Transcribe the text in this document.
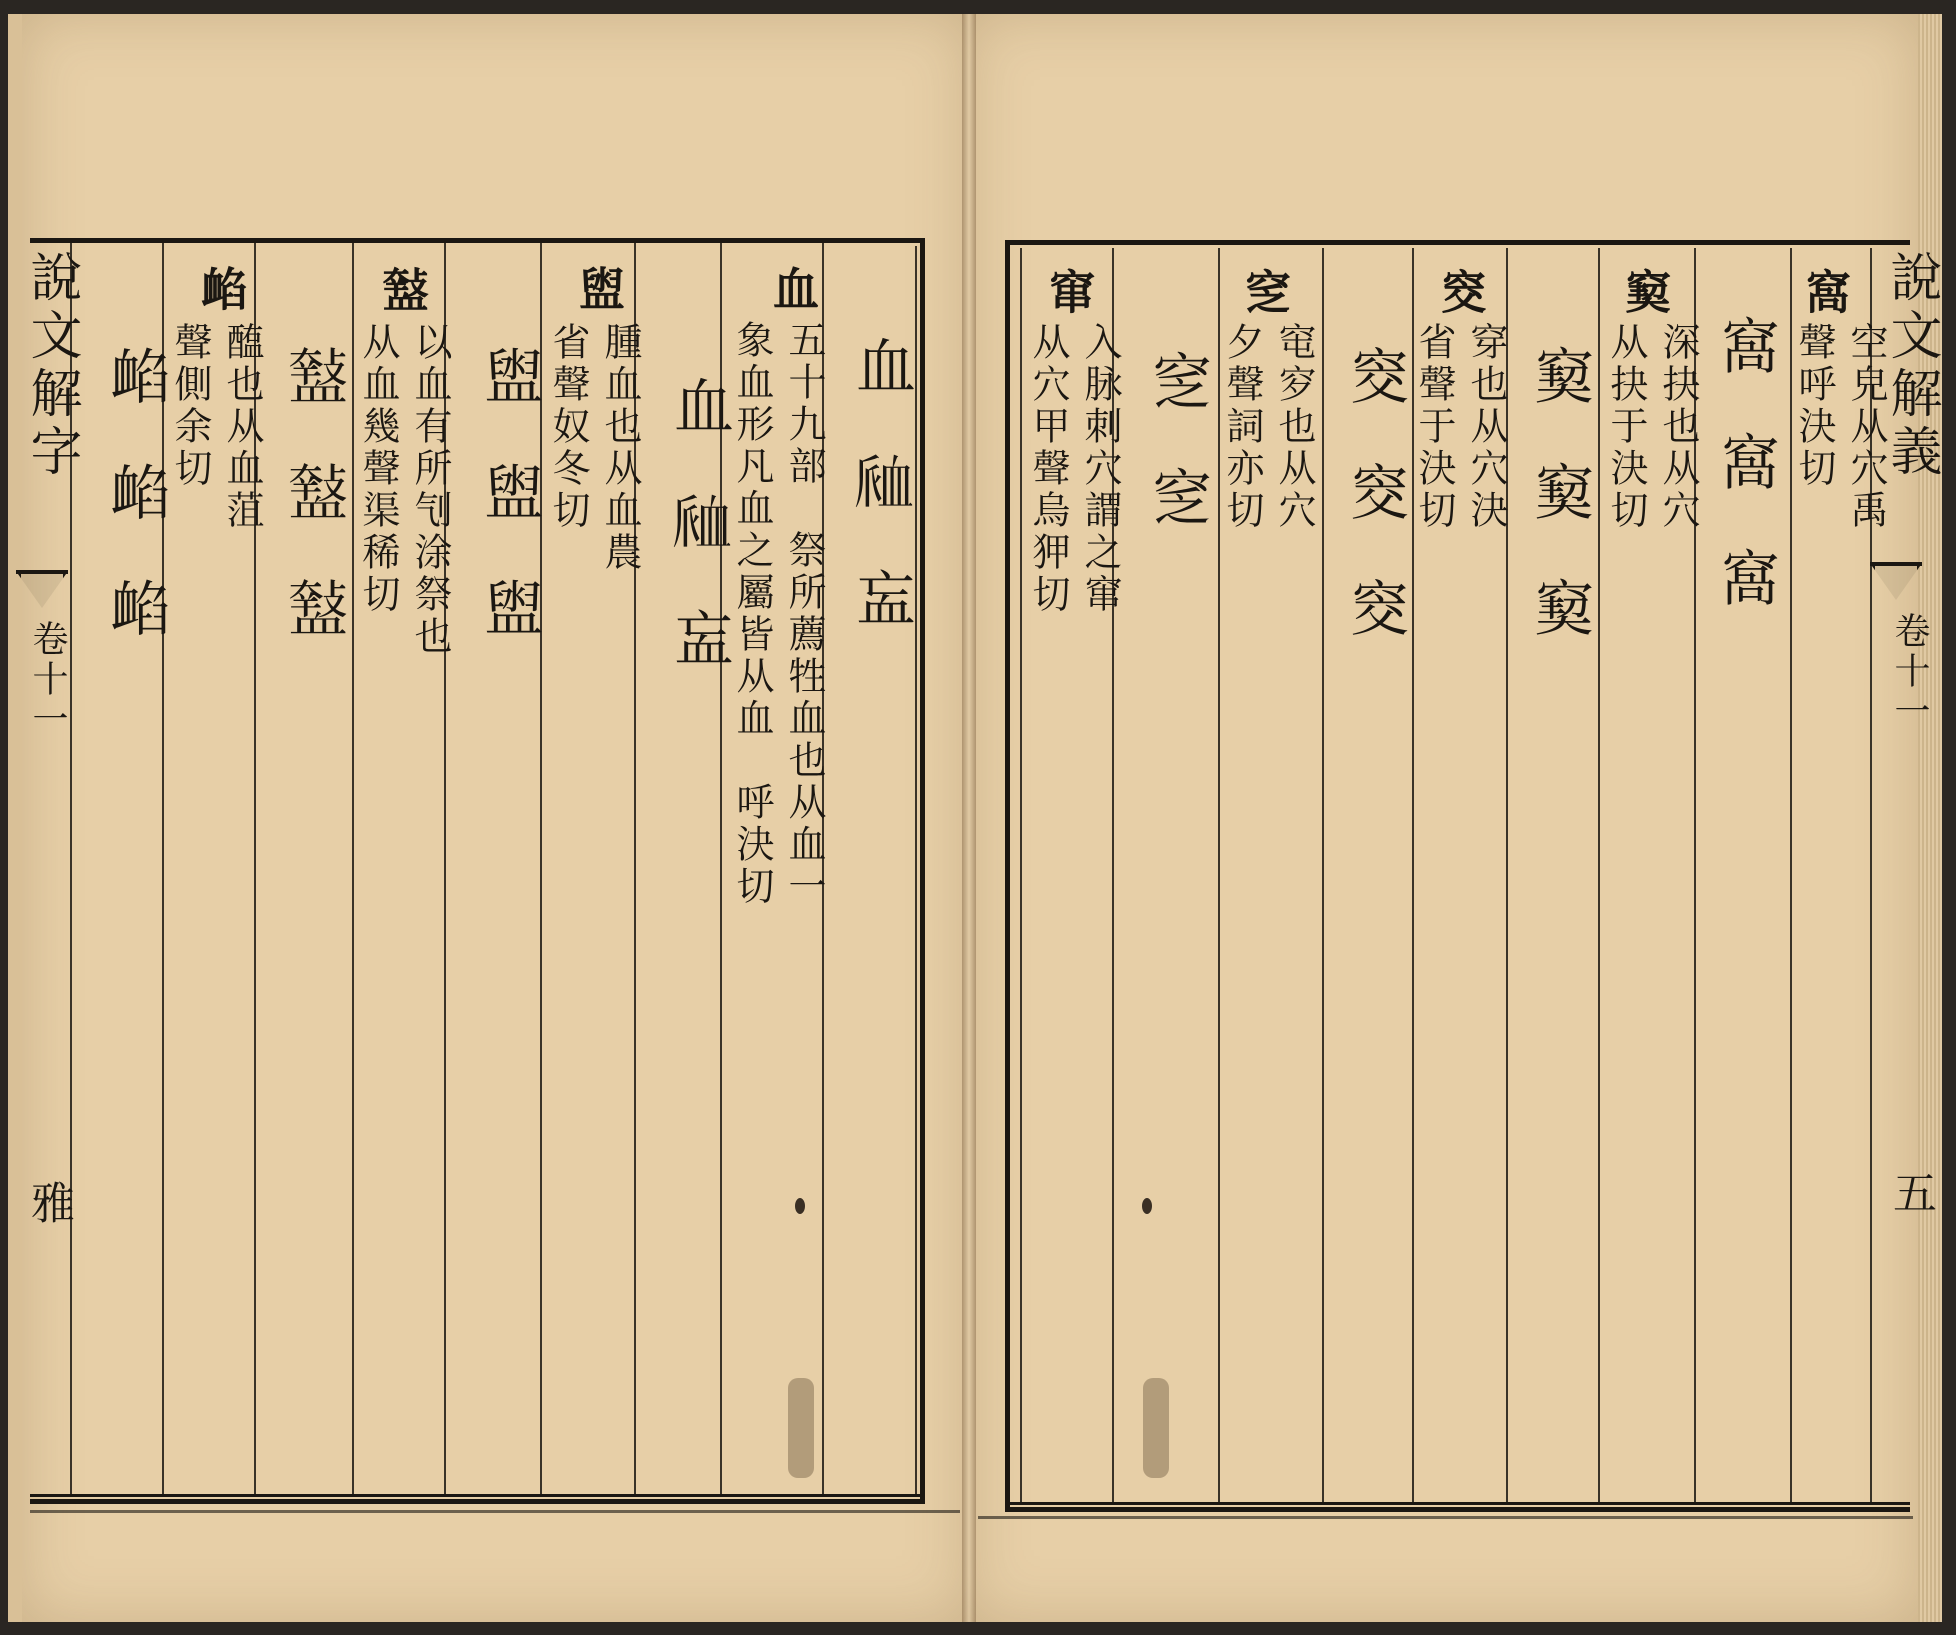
說文解字
卷十一
雅
血
五十九部　祭所薦牲血也从血一
象血形凡血之屬皆从血　呼決切 血𧖴衁
血𧖴衁
盥
腫血也从血農
省聲奴冬切
盥盥盥
𧗑
以血有所刏涂祭也
从血幾聲渠稀切
𧗑𧗑𧗑
䘓
醢也从血菹
聲側余切
䘓䘓䘓	說文解義
卷十一
五
窩
空皃从穴禹
聲呼決切
窩窩窩
窫
深抉也从穴
从抉于決切
窫窫窫
窔
穿也从穴決
省聲于決切
窔窔窔
窆
窀穸也从穴
夕聲詞亦切
窆窆
窜
入脉刺穴謂之窜
从穴甲聲烏狎切
